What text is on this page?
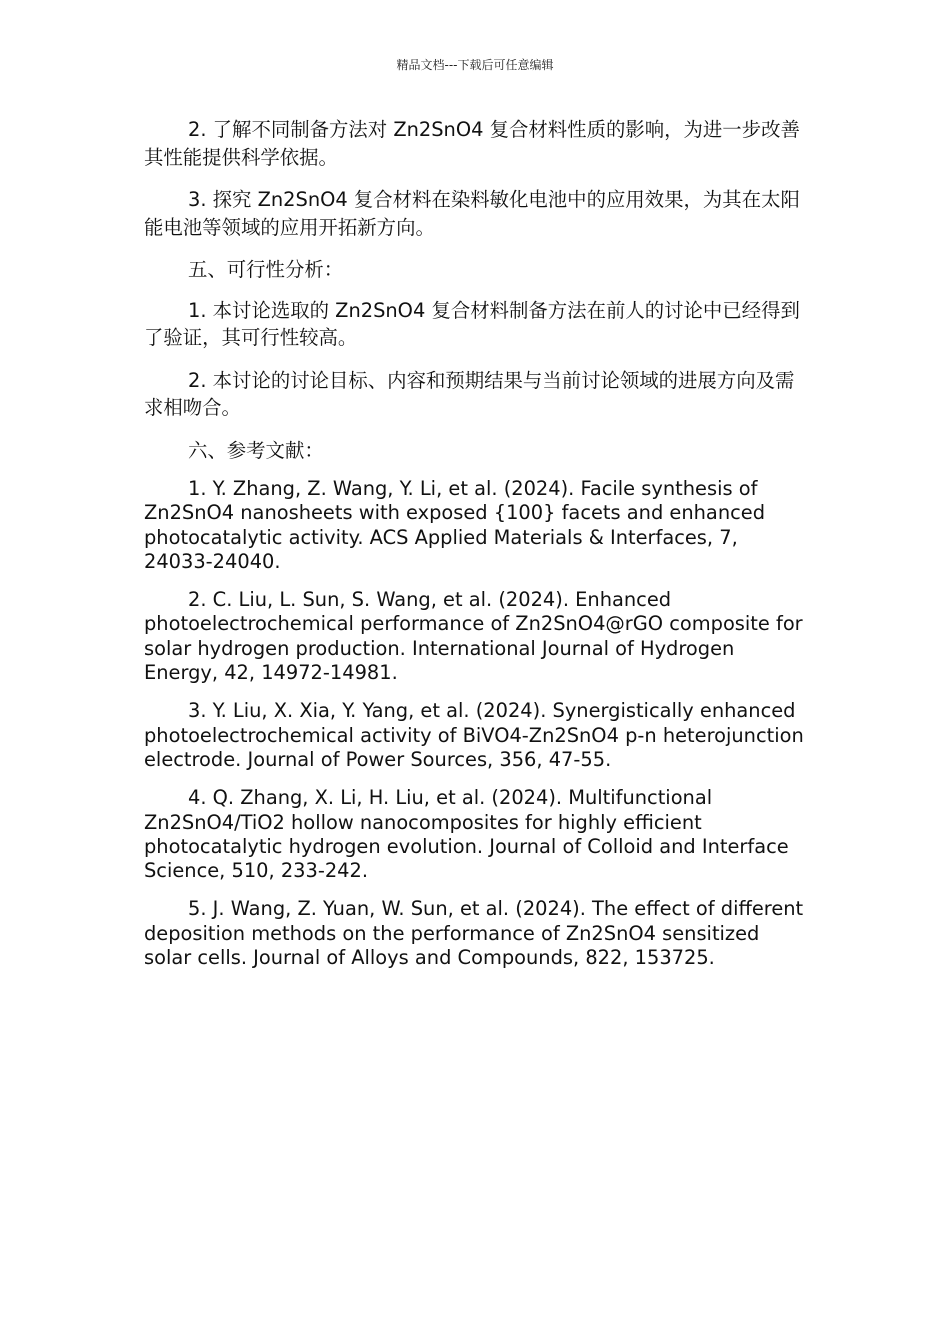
精品文档---下载后可任意编辑

2. 了解不同制备方法对 Zn2SnO4 复合材料性质的影响，为进一步改善其性能提供科学依据。

3. 探究 Zn2SnO4 复合材料在染料敏化电池中的应用效果，为其在太阳能电池等领域的应用开拓新方向。

五、可行性分析：

1. 本讨论选取的 Zn2SnO4 复合材料制备方法在前人的讨论中已经得到了验证，其可行性较高。

2. 本讨论的讨论目标、内容和预期结果与当前讨论领域的进展方向及需求相吻合。

六、参考文献：

1. Y. Zhang, Z. Wang, Y. Li, et al. (2024). Facile synthesis of Zn2SnO4 nanosheets with exposed {100} facets and enhanced photocatalytic activity. ACS Applied Materials & Interfaces, 7, 24033-24040.

2. C. Liu, L. Sun, S. Wang, et al. (2024). Enhanced photoelectrochemical performance of Zn2SnO4@rGO composite for solar hydrogen production. International Journal of Hydrogen Energy, 42, 14972-14981.

3. Y. Liu, X. Xia, Y. Yang, et al. (2024). Synergistically enhanced photoelectrochemical activity of BiVO4-Zn2SnO4 p-n heterojunction electrode. Journal of Power Sources, 356, 47-55.

4. Q. Zhang, X. Li, H. Liu, et al. (2024). Multifunctional Zn2SnO4/TiO2 hollow nanocomposites for highly efficient photocatalytic hydrogen evolution. Journal of Colloid and Interface Science, 510, 233-242.

5. J. Wang, Z. Yuan, W. Sun, et al. (2024). The effect of different deposition methods on the performance of Zn2SnO4 sensitized solar cells. Journal of Alloys and Compounds, 822, 153725.
